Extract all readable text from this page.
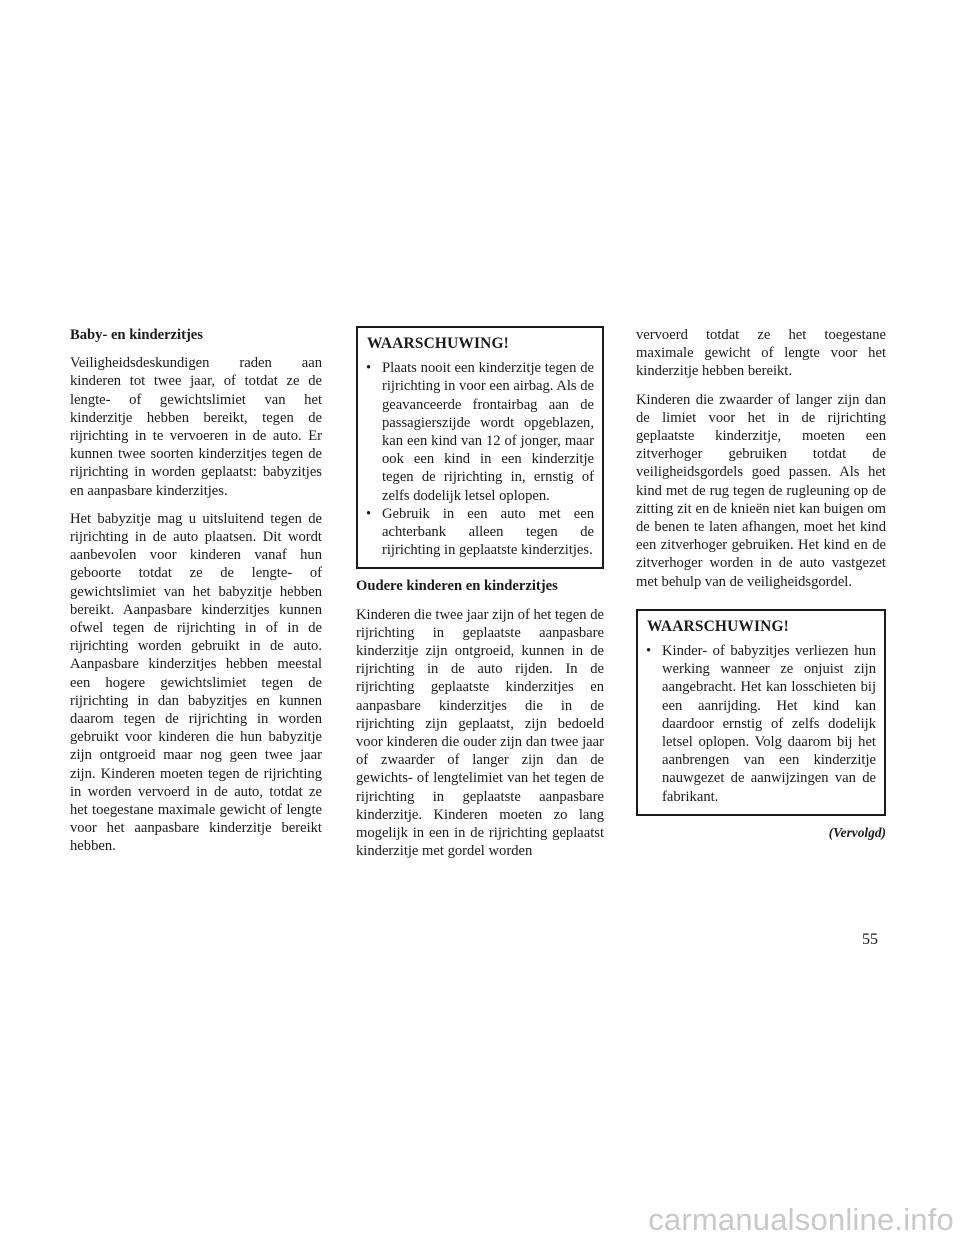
Baby- en kinderzitjes

Veiligheidsdeskundigen raden aan kinderen tot twee jaar, of totdat ze de lengte- of gewichtslimiet van het kinderzitje hebben bereikt, tegen de rijrichting in te vervoeren in de auto. Er kunnen twee soorten kinderzitjes tegen de rijrichting in worden geplaatst: babyzitjes en aanpasbare kinderzitjes.

Het babyzitje mag u uitsluitend tegen de rijrichting in de auto plaatsen. Dit wordt aanbevolen voor kinderen vanaf hun geboorte totdat ze de lengte- of gewichtslimiet van het babyzitje hebben bereikt. Aanpasbare kinderzitjes kunnen ofwel tegen de rijrichting in of in de rijrichting worden gebruikt in de auto. Aanpasbare kinderzitjes hebben meestal een hogere gewichtslimiet tegen de rijrichting in dan babyzitjes en kunnen daarom tegen de rijrichting in worden gebruikt voor kinderen die hun babyzitje zijn ontgroeid maar nog geen twee jaar zijn. Kinderen moeten tegen de rijrichting in worden vervoerd in de auto, totdat ze het toegestane maximale gewicht of lengte voor het aanpasbare kinderzitje bereikt hebben.

WAARSCHUWING!
• Plaats nooit een kinderzitje tegen de rijrichting in voor een airbag. Als de geavanceerde frontairbag aan de passagierszijde wordt opgeblazen, kan een kind van 12 of jonger, maar ook een kind in een kinderzitje tegen de rijrichting in, ernstig of zelfs dodelijk letsel oplopen.
• Gebruik in een auto met een achterbank alleen tegen de rijrichting in geplaatste kinderzitjes.

Oudere kinderen en kinderzitjes

Kinderen die twee jaar zijn of het tegen de rijrichting in geplaatste aanpasbare kinderzitje zijn ontgroeid, kunnen in de rijrichting in de auto rijden. In de rijrichting geplaatste kinderzitjes en aanpasbare kinderzitjes die in de rijrichting zijn geplaatst, zijn bedoeld voor kinderen die ouder zijn dan twee jaar of zwaarder of langer zijn dan de gewichts- of lengtelimiet van het tegen de rijrichting in geplaatste aanpasbare kinderzitje. Kinderen moeten zo lang mogelijk in een in de rijrichting geplaatst kinderzitje met gordel worden

vervoerd totdat ze het toegestane maximale gewicht of lengte voor het kinderzitje hebben bereikt.

Kinderen die zwaarder of langer zijn dan de limiet voor het in de rijrichting geplaatste kinderzitje, moeten een zitverhoger gebruiken totdat de veiligheidsgordels goed passen. Als het kind met de rug tegen de rugleuning op de zitting zit en de knieën niet kan buigen om de benen te laten afhangen, moet het kind een zitverhoger gebruiken. Het kind en de zitverhoger worden in de auto vastgezet met behulp van de veiligheidsgordel.

WAARSCHUWING!
• Kinder- of babyzitjes verliezen hun werking wanneer ze onjuist zijn aangebracht. Het kan losschieten bij een aanrijding. Het kind kan daardoor ernstig of zelfs dodelijk letsel oplopen. Volg daarom bij het aanbrengen van een kinderzitje nauwgezet de aanwijzingen van de fabrikant.

(Vervolgd)

55
carmanualsonline.info
